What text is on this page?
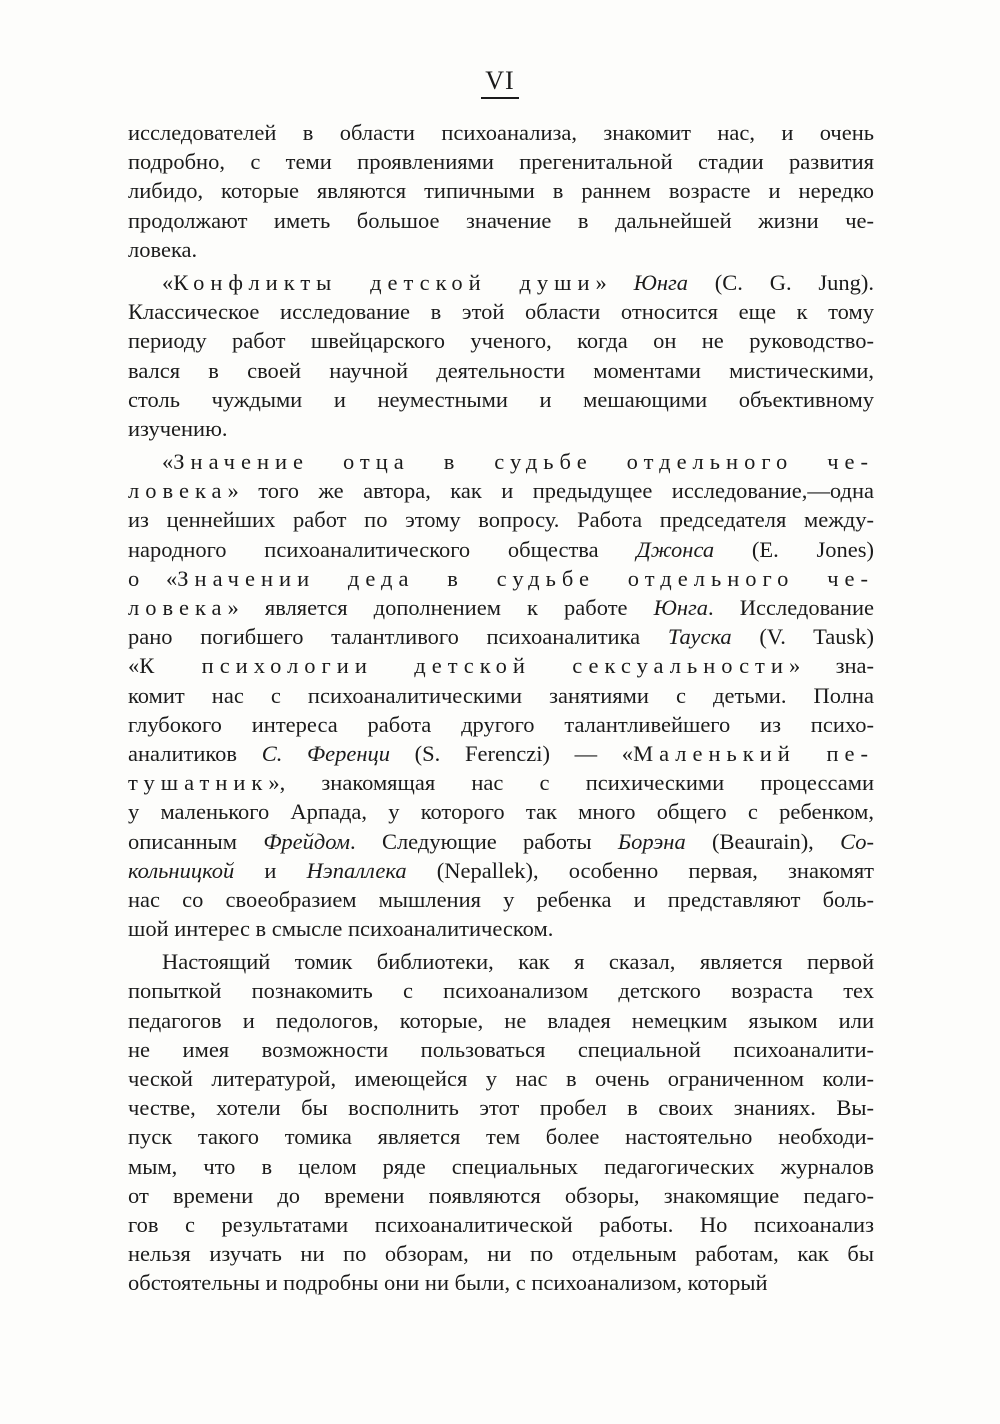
VI
исследователей в области психоанализа, знакомит нас, и очень
подробно, с теми проявлениями прегенитальной стадии развития
либидо, которые являются типичными в раннем возрасте и нередко
продолжают иметь большое значение в дальнейшей жизни че-
ловека.
«Конфликты детской души» Юнга (C. G. Jung).
Классическое исследование в этой области относится еще к тому
периоду работ швейцарского ученого, когда он не руководство-
вался в своей научной деятельности моментами мистическими,
столь чуждыми и неуместными и мешающими объективному
изучению.
«Значение отца в судьбе отдельного че-
ловека» того же автора, как и предыдущее исследование,—одна
из ценнейших работ по этому вопросу. Работа председателя между-
народного психоаналитического общества Джонса (E. Jones)
о «Значении деда в судьбе отдельного че-
ловека» является дополнением к работе Юнга. Исследование
рано погибшего талантливого психоаналитика Тауска (V. Tausk)
«К психологии детской сексуальности» зна-
комит нас с психоаналитическими занятиями с детьми. Полна
глубокого интереса работа другого талантливейшего из психо-
аналитиков С. Ференци (S. Ferenczi) — «Маленький пе-
тушатник», знакомящая нас с психическими процессами
у маленького Арпада, у которого так много общего с ребенком,
описанным Фрейдом. Следующие работы Борэна (Beaurain), Со-
кольницкой и Нэпаллека (Nepallek), особенно первая, знакомят
нас со своеобразием мышления у ребенка и представляют боль-
шой интерес в смысле психоаналитическом.
Настоящий томик библиотеки, как я сказал, является первой
попыткой познакомить с психоанализом детского возраста тех
педагогов и педологов, которые, не владея немецким языком или
не имея возможности пользоваться специальной психоаналити-
ческой литературой, имеющейся у нас в очень ограниченном коли-
честве, хотели бы восполнить этот пробел в своих знаниях. Вы-
пуск такого томика является тем более настоятельно необходи-
мым, что в целом ряде специальных педагогических журналов
от времени до времени появляются обзоры, знакомящие педаго-
гов с результатами психоаналитической работы. Но психоанализ
нельзя изучать ни по обзорам, ни по отдельным работам, как бы
обстоятельны и подробны они ни были, с психоанализом, который
